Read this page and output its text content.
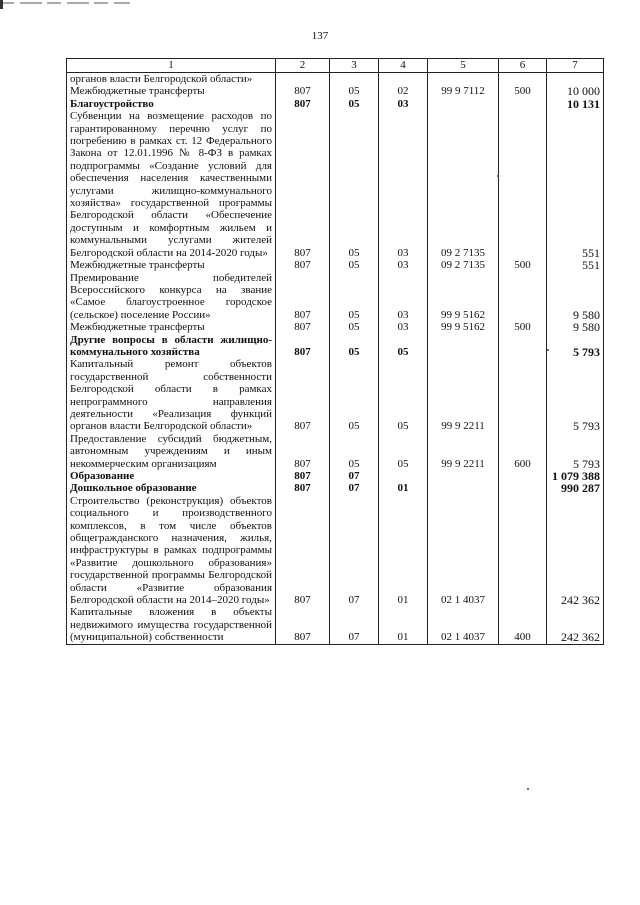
137
1	2	3	4	5	6	7
органов власти Белгородской области»						
Межбюджетные трансферты	807	05	02	99 9 7112	500	10 000
Благоустройство	807	05	03			10 131
Субвенции на возмещение расходов по гарантированному перечню услуг по погребению в рамках ст. 12 Федерального Закона от 12.01.1996 № 8-ФЗ в рамках подпрограммы «Создание условий для обеспечения населения качественными услугами жилищно-коммунального хозяйства» государственной программы Белгородской области «Обеспечение доступным и комфортным жильем и коммунальными услугами жителей Белгородской области на 2014-2020 годы»	807	05	03	09 2 7135		551
Межбюджетные трансферты	807	05	03	09 2 7135	500	551
Премирование победителей Всероссийского конкурса на звание «Самое благоустроенное городское (сельское) поселение России»	807	05	03	99 9 5162		9 580
Межбюджетные трансферты	807	05	03	99 9 5162	500	9 580
Другие вопросы в области жилищно-коммунального хозяйства	807	05	05			5 793
Капитальный ремонт объектов государственной собственности Белгородской области в рамках непрограммного направления деятельности «Реализация функций органов власти Белгородской области»	807	05	05	99 9 2211		5 793
Предоставление субсидий бюджетным, автономным учреждениям и иным некоммерческим организациям	807	05	05	99 9 2211	600	5 793
Образование	807	07				1 079 388
Дошкольное образование	807	07	01			990 287
Строительство (реконструкция) объектов социального и производственного комплексов, в том числе объектов общегражданского назначения, жилья, инфраструктуры в рамках подпрограммы «Развитие дошкольного образования» государственной программы Белгородской области «Развитие образования Белгородской области на 2014–2020 годы»	807	07	01	02 1 4037		242 362
Капитальные вложения в объекты недвижимого имущества государственной (муниципальной) собственности	807	07	01	02 1 4037	400	242 362
